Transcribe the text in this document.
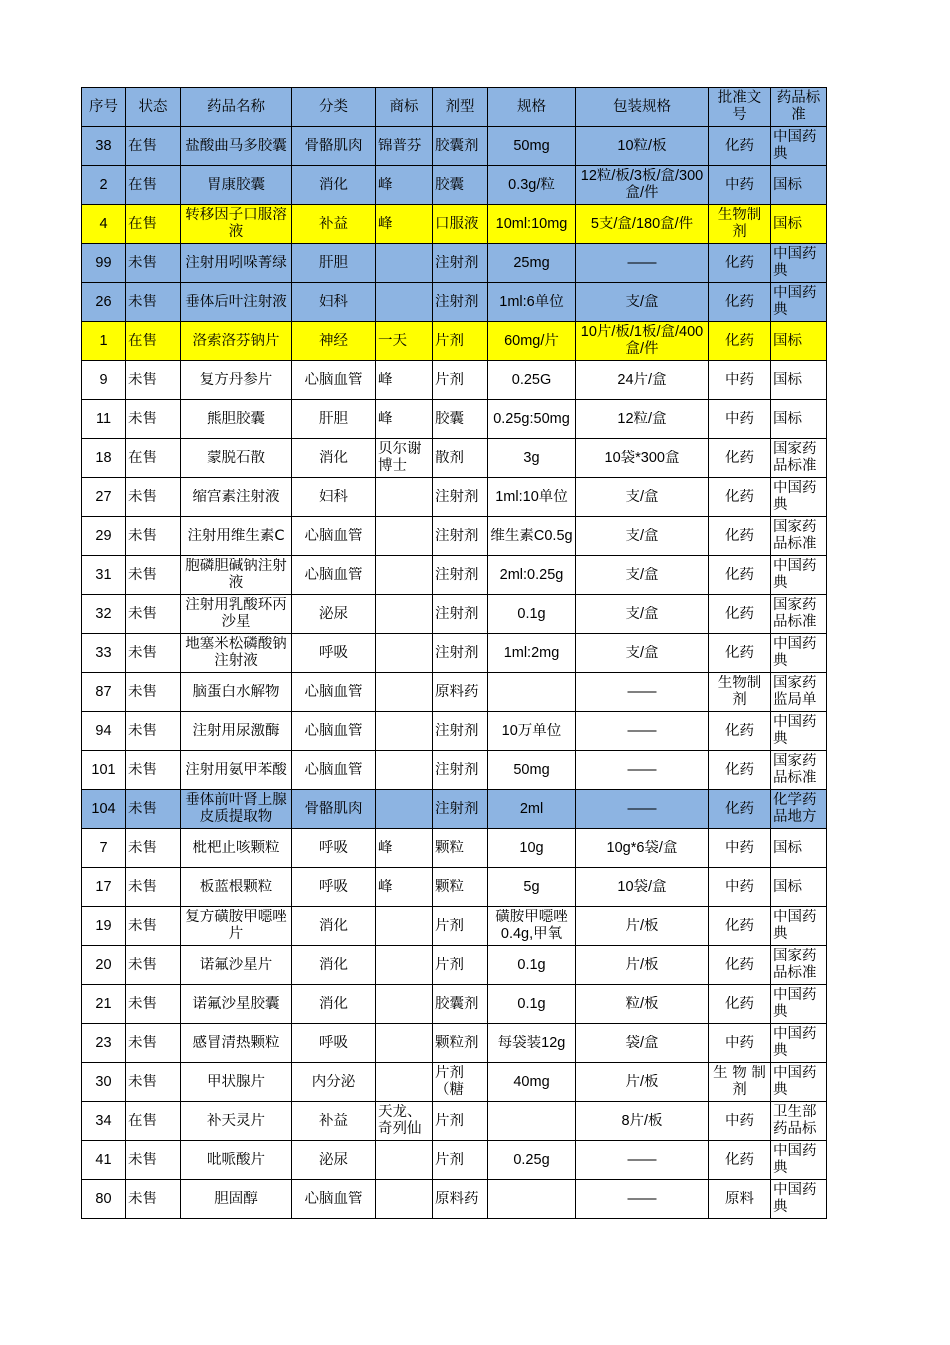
序号	状态	药品名称	分类	商标	剂型	规格	包装规格	批准文号	药品标准

38	在售	盐酸曲马多胶囊	骨骼肌肉	锦普芬	胶囊剂	50mg	10粒/板	化药	中国药典

2	在售	胃康胶囊	消化	峰	胶囊	0.3g/粒	12粒/板/3板/盒/300盒/件	中药	国标

4	在售	转移因子口服溶液	补益	峰	口服液	10ml:10mg	5支/盒/180盒/件	生物制剂	国标

99	未售	注射用吲哚菁绿	肝胆		注射剂	25mg	——	化药	中国药典

26	未售	垂体后叶注射液	妇科		注射剂	1ml:6单位	支/盒	化药	中国药典

1	在售	洛索洛芬钠片	神经	一天	片剂	60mg/片	10片/板/1板/盒/400盒/件	化药	国标

9	未售	复方丹参片	心脑血管	峰	片剂	0.25G	24片/盒	中药	国标

11	未售	熊胆胶囊	肝胆	峰	胶囊	0.25g:50mg	12粒/盒	中药	国标

18	在售	蒙脱石散	消化	贝尔谢博士	散剂	3g	10袋*300盒	化药	国家药品标准

27	未售	缩宫素注射液	妇科		注射剂	1ml:10单位	支/盒	化药	中国药典

29	未售	注射用维生素C	心脑血管		注射剂	维生素C0.5g	支/盒	化药	国家药品标准

31	未售	胞磷胆碱钠注射液	心脑血管		注射剂	2ml:0.25g	支/盒	化药	中国药典

32	未售	注射用乳酸环丙沙星	泌尿		注射剂	0.1g	支/盒	化药	国家药品标准

33	未售	地塞米松磷酸钠注射液	呼吸		注射剂	1ml:2mg	支/盒	化药	中国药典

87	未售	脑蛋白水解物	心脑血管		原料药		——	生物制剂	国家药监局单

94	未售	注射用尿激酶	心脑血管		注射剂	10万单位	——	化药	中国药典

101	未售	注射用氨甲苯酸	心脑血管		注射剂	50mg	——	化药	国家药品标准

104	未售	垂体前叶肾上腺皮质提取物	骨骼肌肉		注射剂	2ml	——	化药	化学药品地方

7	未售	枇杷止咳颗粒	呼吸	峰	颗粒	10g	10g*6袋/盒	中药	国标

17	未售	板蓝根颗粒	呼吸	峰	颗粒	5g	10袋/盒	中药	国标

19	未售	复方磺胺甲噁唑片	消化		片剂	磺胺甲噁唑0.4g,甲氧	片/板	化药	中国药典

20	未售	诺氟沙星片	消化		片剂	0.1g	片/板	化药	国家药品标准

21	未售	诺氟沙星胶囊	消化		胶囊剂	0.1g	粒/板	化药	中国药典

23	未售	感冒清热颗粒	呼吸		颗粒剂	每袋装12g	袋/盒	中药	中国药典

30	未售	甲状腺片	内分泌		片剂（糖	40mg	片/板	生 物 制剂	中国药典

34	在售	补天灵片	补益	天龙、奇列仙	片剂		8片/板	中药	卫生部药品标

41	未售	吡哌酸片	泌尿		片剂	0.25g	——	化药	中国药典

80	未售	胆固醇	心脑血管		原料药		——	原料	中国药典
